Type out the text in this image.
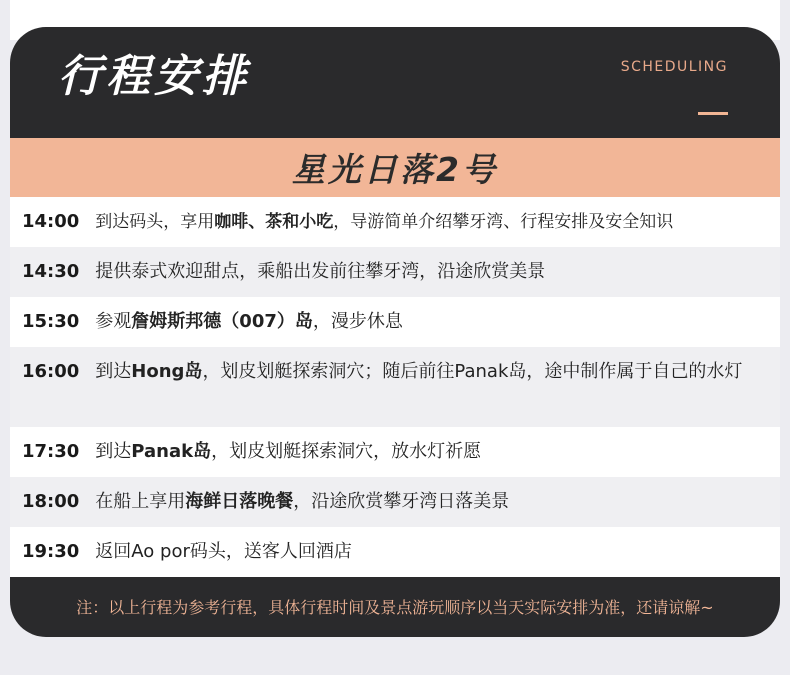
行程安排	SCHEDULING
星光日落2号
14:00 到达码头，享用咖啡、茶和小吃，导游简单介绍攀牙湾、行程安排及安全知识
14:30 提供泰式欢迎甜点，乘船出发前往攀牙湾，沿途欣赏美景
15:30 参观詹姆斯邦德（007）岛，漫步休息
16:00 到达Hong岛，划皮划艇探索洞穴；随后前往Panak岛，途中制作属于自己的水灯
17:30 到达Panak岛，划皮划艇探索洞穴，放水灯祈愿
18:00 在船上享用海鲜日落晚餐，沿途欣赏攀牙湾日落美景
19:30 返回Ao por码头，送客人回酒店
注：以上行程为参考行程，具体行程时间及景点游玩顺序以当天实际安排为准，还请谅解~
